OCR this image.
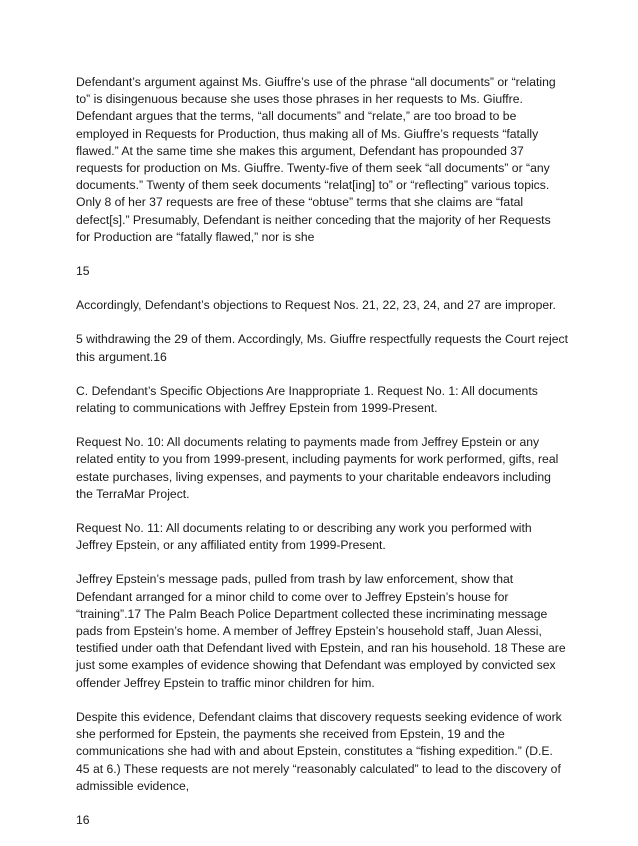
Defendant’s argument against Ms. Giuffre’s use of the phrase “all documents” or “relating to” is disingenuous because she uses those phrases in her requests to Ms. Giuffre. Defendant argues that the terms, “all documents” and “relate,” are too broad to be employed in Requests for Production, thus making all of Ms. Giuffre’s requests “fatally flawed.” At the same time she makes this argument, Defendant has propounded 37 requests for production on Ms. Giuffre. Twenty-five of them seek “all documents” or “any documents.” Twenty of them seek documents “relat[ing] to” or “reflecting” various topics. Only 8 of her 37 requests are free of these “obtuse” terms that she claims are “fatal defect[s].” Presumably, Defendant is neither conceding that the majority of her Requests for Production are “fatally flawed,” nor is she

15

Accordingly, Defendant’s objections to Request Nos. 21, 22, 23, 24, and 27 are improper.

5 withdrawing the 29 of them. Accordingly, Ms. Giuffre respectfully requests the Court reject this argument.16

C. Defendant’s Specific Objections Are Inappropriate 1. Request No. 1: All documents relating to communications with Jeffrey Epstein from 1999-Present.

Request No. 10: All documents relating to payments made from Jeffrey Epstein or any related entity to you from 1999-present, including payments for work performed, gifts, real estate purchases, living expenses, and payments to your charitable endeavors including the TerraMar Project.

Request No. 11: All documents relating to or describing any work you performed with Jeffrey Epstein, or any affiliated entity from 1999-Present.

Jeffrey Epstein’s message pads, pulled from trash by law enforcement, show that Defendant arranged for a minor child to come over to Jeffrey Epstein’s house for “training”.17 The Palm Beach Police Department collected these incriminating message pads from Epstein’s home. A member of Jeffrey Epstein’s household staff, Juan Alessi, testified under oath that Defendant lived with Epstein, and ran his household. 18 These are just some examples of evidence showing that Defendant was employed by convicted sex offender Jeffrey Epstein to traffic minor children for him.

Despite this evidence, Defendant claims that discovery requests seeking evidence of work she performed for Epstein, the payments she received from Epstein, 19 and the communications she had with and about Epstein, constitutes a “fishing expedition.” (D.E. 45 at 6.) These requests are not merely “reasonably calculated” to lead to the discovery of admissible evidence,

16
